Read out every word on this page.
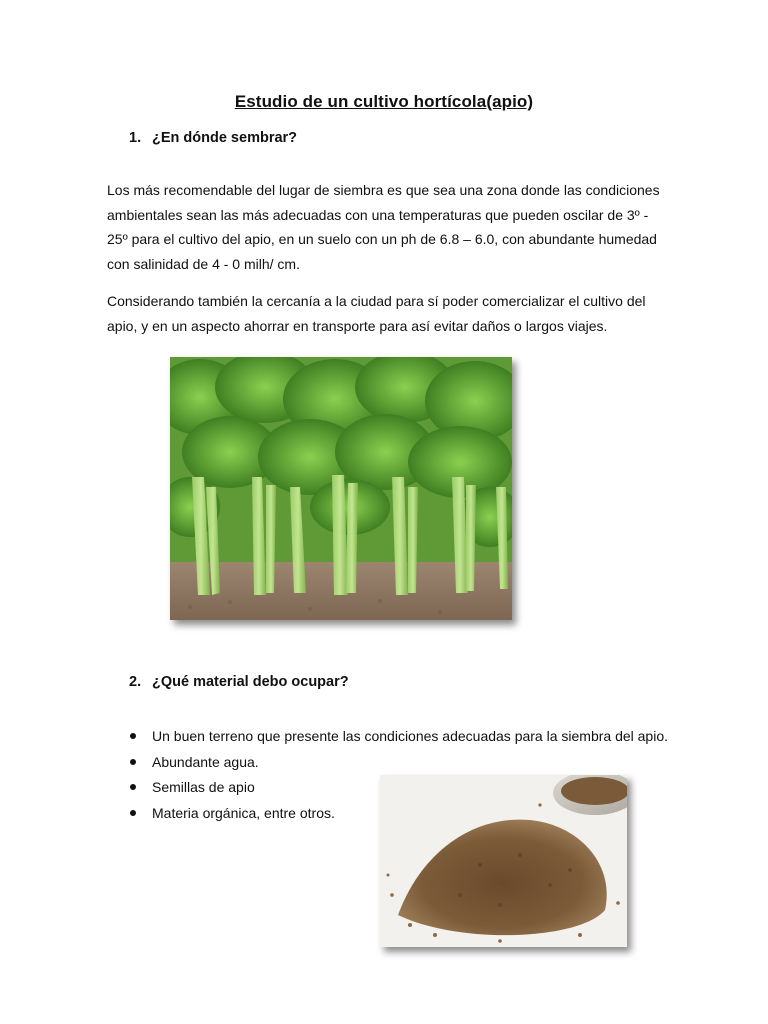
Estudio de un cultivo hortícola(apio)
1. ¿En dónde sembrar?

Los más recomendable del lugar de siembra es que sea una zona donde las condiciones ambientales sean las más adecuadas con una temperaturas que pueden oscilar de 3º - 25º para el cultivo del apio, en un suelo con un ph de 6.8 – 6.0, con abundante humedad con salinidad de 4 - 0 milh/ cm.

Considerando también la cercanía a la ciudad para sí poder comercializar el cultivo del apio, y en un aspecto ahorrar en transporte para así evitar daños o largos viajes.

2. ¿Qué material debo ocupar?
Un buen terreno que presente las condiciones adecuadas para la siembra del apio.
Abundante agua.
Semillas de apio
Materia orgánica, entre otros.
